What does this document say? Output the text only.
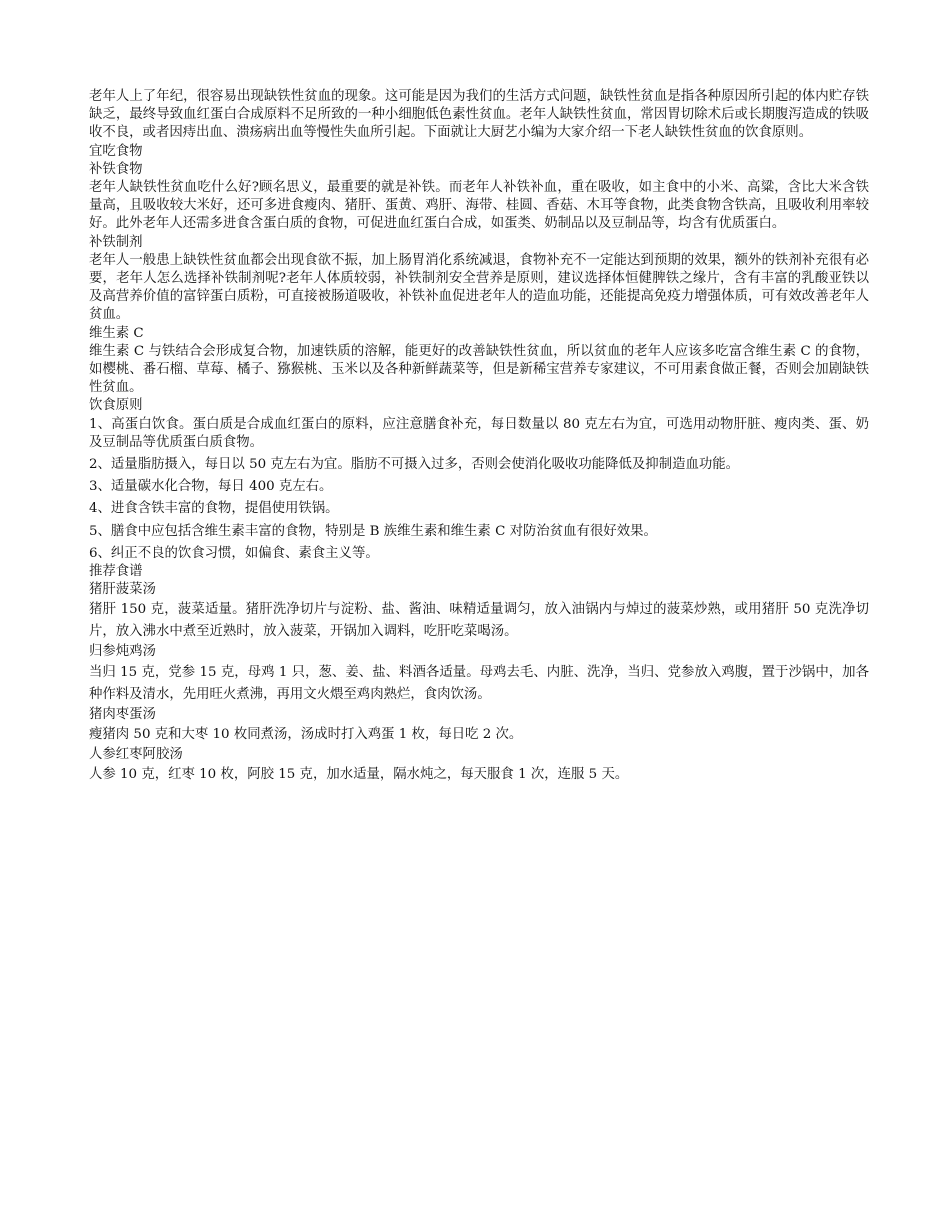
老年人上了年纪，很容易出现缺铁性贫血的现象。这可能是因为我们的生活方式问题，缺铁性贫血是指各种原因所引起的体内贮存铁缺乏，最终导致血红蛋白合成原料不足所致的一种小细胞低色素性贫血。老年人缺铁性贫血，常因胃切除术后或长期腹泻造成的铁吸收不良，或者因痔出血、溃疡病出血等慢性失血所引起。下面就让大厨艺小编为大家介绍一下老人缺铁性贫血的饮食原则。

宜吃食物
补铁食物

老年人缺铁性贫血吃什么好?顾名思义，最重要的就是补铁。而老年人补铁补血，重在吸收，如主食中的小米、高粱，含比大米含铁量高，且吸收较大米好，还可多进食瘦肉、猪肝、蛋黄、鸡肝、海带、桂圆、香菇、木耳等食物，此类食物含铁高，且吸收利用率较好。此外老年人还需多进食含蛋白质的食物，可促进血红蛋白合成，如蛋类、奶制品以及豆制品等，均含有优质蛋白。

补铁制剂

老年人一般患上缺铁性贫血都会出现食欲不振，加上肠胃消化系统减退，食物补充不一定能达到预期的效果，额外的铁剂补充很有必要，老年人怎么选择补铁制剂呢?老年人体质较弱，补铁制剂安全营养是原则，建议选择体恒健脾铁之缘片，含有丰富的乳酸亚铁以及高营养价值的富锌蛋白质粉，可直接被肠道吸收，补铁补血促进老年人的造血功能，还能提高免疫力增强体质，可有效改善老年人贫血。

维生素 C

维生素 C 与铁结合会形成复合物，加速铁质的溶解，能更好的改善缺铁性贫血，所以贫血的老年人应该多吃富含维生素 C 的食物，如樱桃、番石榴、草莓、橘子、猕猴桃、玉米以及各种新鲜蔬菜等，但是新稀宝营养专家建议，不可用素食做正餐，否则会加剧缺铁性贫血。

饮食原则

1、高蛋白饮食。蛋白质是合成血红蛋白的原料，应注意膳食补充，每日数量以 80 克左右为宜，可选用动物肝脏、瘦肉类、蛋、奶及豆制品等优质蛋白质食物。

2、适量脂肪摄入，每日以 50 克左右为宜。脂肪不可摄入过多，否则会使消化吸收功能降低及抑制造血功能。

3、适量碳水化合物，每日 400 克左右。

4、进食含铁丰富的食物，提倡使用铁锅。

5、膳食中应包括含维生素丰富的食物，特别是 B 族维生素和维生素 C 对防治贫血有很好效果。

6、纠正不良的饮食习惯，如偏食、素食主义等。

推荐食谱
猪肝菠菜汤

猪肝 150 克，菠菜适量。猪肝洗净切片与淀粉、盐、酱油、味精适量调匀，放入油锅内与焯过的菠菜炒熟，或用猪肝 50 克洗净切片，放入沸水中煮至近熟时，放入菠菜，开锅加入调料，吃肝吃菜喝汤。

归参炖鸡汤

当归 15 克，党参 15 克，母鸡 1 只，葱、姜、盐、料酒各适量。母鸡去毛、内脏、洗净，当归、党参放入鸡腹，置于沙锅中，加各种作料及清水，先用旺火煮沸，再用文火煨至鸡肉熟烂，食肉饮汤。

猪肉枣蛋汤

瘦猪肉 50 克和大枣 10 枚同煮汤，汤成时打入鸡蛋 1 枚，每日吃 2 次。

人参红枣阿胶汤

人参 10 克，红枣 10 枚，阿胶 15 克，加水适量，隔水炖之，每天服食 1 次，连服 5 天。
